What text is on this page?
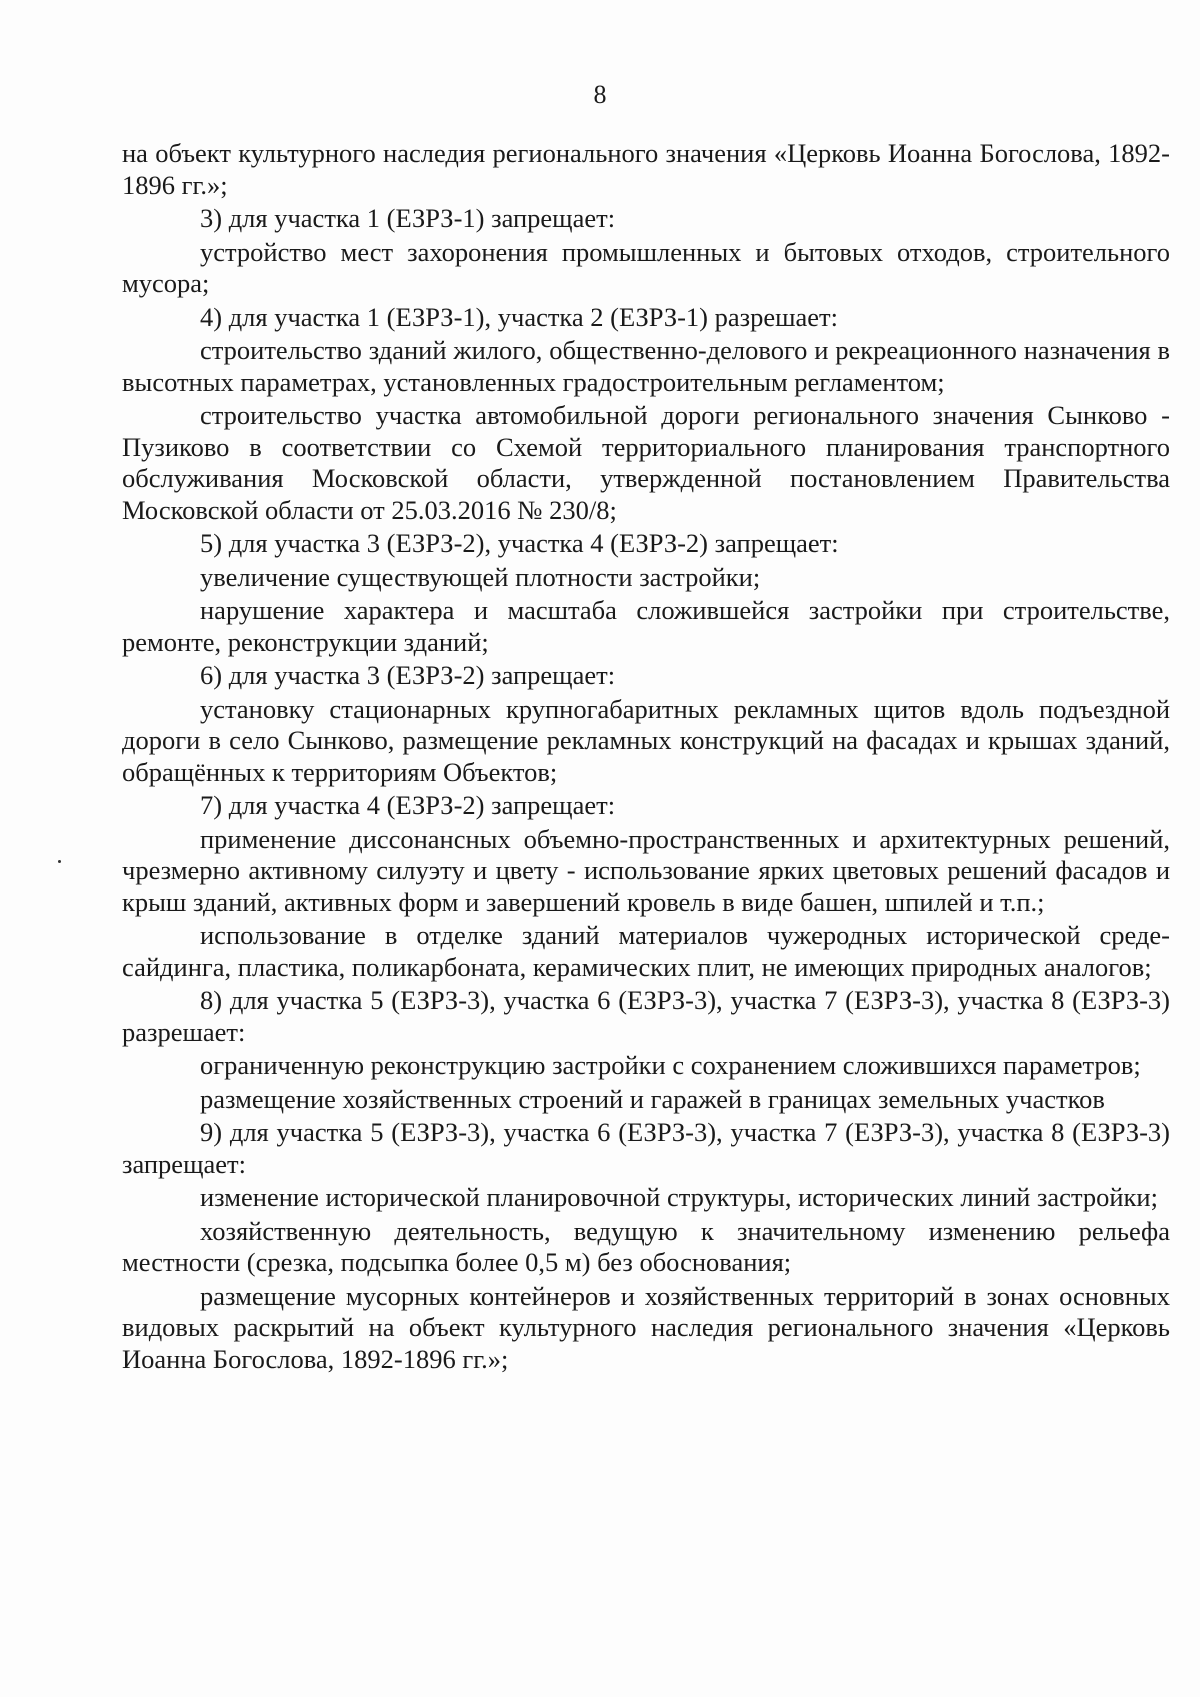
8

на объект культурного наследия регионального значения «Церковь Иоанна Богослова, 1892-1896 гг.»;

3) для участка 1 (ЕЗРЗ-1) запрещает:

устройство мест захоронения промышленных и бытовых отходов, строительного мусора;

4) для участка 1 (ЕЗРЗ-1), участка 2 (ЕЗРЗ-1) разрешает:

строительство зданий жилого, общественно-делового и рекреационного назначения в высотных параметрах, установленных градостроительным регламентом;

строительство участка автомобильной дороги регионального значения Сынково - Пузиково в соответствии со Схемой территориального планирования транспортного обслуживания Московской области, утвержденной постановлением Правительства Московской области от 25.03.2016 № 230/8;

5) для участка 3 (ЕЗРЗ-2), участка 4 (ЕЗРЗ-2) запрещает:

увеличение существующей плотности застройки;

нарушение характера и масштаба сложившейся застройки при строительстве, ремонте, реконструкции зданий;

6) для участка 3 (ЕЗРЗ-2) запрещает:

установку стационарных крупногабаритных рекламных щитов вдоль подъездной дороги в село Сынково, размещение рекламных конструкций на фасадах и крышах зданий, обращённых к территориям Объектов;

7) для участка 4 (ЕЗРЗ-2) запрещает:

применение диссонансных объемно-пространственных и архитектурных решений, чрезмерно активному силуэту и цвету - использование ярких цветовых решений фасадов и крыш зданий, активных форм и завершений кровель в виде башен, шпилей и т.п.;

использование в отделке зданий материалов чужеродных исторической среде- сайдинга, пластика, поликарбоната, керамических плит, не имеющих природных аналогов;

8) для участка 5 (ЕЗРЗ-3), участка 6 (ЕЗРЗ-3), участка 7 (ЕЗРЗ-3), участка 8 (ЕЗРЗ-3) разрешает:

ограниченную реконструкцию застройки с сохранением сложившихся параметров;

размещение хозяйственных строений и гаражей в границах земельных участков

9) для участка 5 (ЕЗРЗ-3), участка 6 (ЕЗРЗ-3), участка 7 (ЕЗРЗ-3), участка 8 (ЕЗРЗ-3) запрещает:

изменение исторической планировочной структуры, исторических линий застройки;

хозяйственную деятельность, ведущую к значительному изменению рельефа местности (срезка, подсыпка более 0,5 м) без обоснования;

размещение мусорных контейнеров и хозяйственных территорий в зонах основных видовых раскрытий на объект культурного наследия регионального значения «Церковь Иоанна Богослова, 1892-1896 гг.»;
